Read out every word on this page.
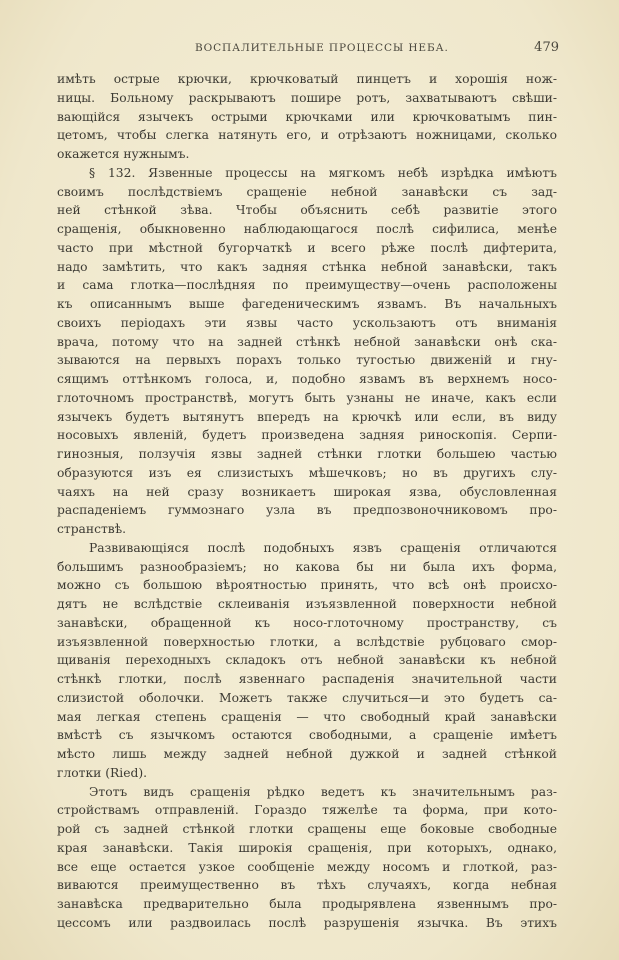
ВОСПАЛИТЕЛЬНЫЕ ПРОЦЕССЫ НЕБА.	479
имѣть острые крючки, крючковатый пинцетъ и хорошія нож-
ницы. Больному раскрываютъ пошире ротъ, захватываютъ свѣши-
вающійся язычекъ острыми крючками или крючковатымъ пин-
цетомъ, чтобы слегка натянуть его, и отрѣзаютъ ножницами, сколько
окажется нужнымъ.
§ 132. Язвенные процессы на мягкомъ небѣ изрѣдка имѣютъ
своимъ послѣдствіемъ сращеніе небной занавѣски съ зад-
ней стѣнкой зѣва. Чтобы объяснить себѣ развитіе этого
сращенія, обыкновенно наблюдающагося послѣ сифилиса, менѣе
часто при мѣстной бугорчаткѣ и всего рѣже послѣ дифтерита,
надо замѣтить, что какъ задняя стѣнка небной занавѣски, такъ
и сама глотка—послѣдняя по преимуществу—очень расположены
къ описаннымъ выше фагеденическимъ язвамъ. Въ начальныхъ
своихъ періодахъ эти язвы часто ускользаютъ отъ вниманія
врача, потому что на задней стѣнкѣ небной занавѣски онѣ ска-
зываются на первыхъ порахъ только тугостью движеній и гну-
сящимъ оттѣнкомъ голоса, и, подобно язвамъ въ верхнемъ носо-
глоточномъ пространствѣ, могутъ быть узнаны не иначе, какъ если
язычекъ будетъ вытянутъ впередъ на крючкѣ или если, въ виду
носовыхъ явленій, будетъ произведена задняя риноскопія. Серпи-
гинозныя, ползучія язвы задней стѣнки глотки большею частью
образуются изъ ея слизистыхъ мѣшечковъ; но въ другихъ слу-
чаяхъ на ней сразу возникаетъ широкая язва, обусловленная
распаденіемъ гуммознаго узла въ предпозвоночниковомъ про-
странствѣ.
Развивающіяся послѣ подобныхъ язвъ сращенія отличаются
большимъ разнообразіемъ; но какова бы ни была ихъ форма,
можно съ большою вѣроятностью принять, что всѣ онѣ происхо-
дятъ не вслѣдствіе склеиванія изъязвленной поверхности небной
занавѣски, обращенной къ носо-глоточному пространству, съ
изъязвленной поверхностью глотки, а вслѣдствіе рубцоваго смор-
щиванія переходныхъ складокъ отъ небной занавѣски къ небной
стѣнкѣ глотки, послѣ язвеннаго распаденія значительной части
слизистой оболочки. Можетъ также случиться—и это будетъ са-
мая легкая степень сращенія — что свободный край занавѣски
вмѣстѣ съ язычкомъ остаются свободными, а сращеніе имѣетъ
мѣсто лишь между задней небной дужкой и задней стѣнкой
глотки (Ried).
Этотъ видъ сращенія рѣдко ведетъ къ значительнымъ раз-
стройствамъ отправленій. Гораздо тяжелѣе та форма, при кото-
рой съ задней стѣнкой глотки сращены еще боковые свободные
края занавѣски. Такія широкія сращенія, при которыхъ, однако,
все еще остается узкое сообщеніе между носомъ и глоткой, раз-
виваются преимущественно въ тѣхъ случаяхъ, когда небная
занавѣска предварительно была продырявлена язвеннымъ про-
цессомъ или раздвоилась послѣ разрушенія язычка. Въ этихъ
